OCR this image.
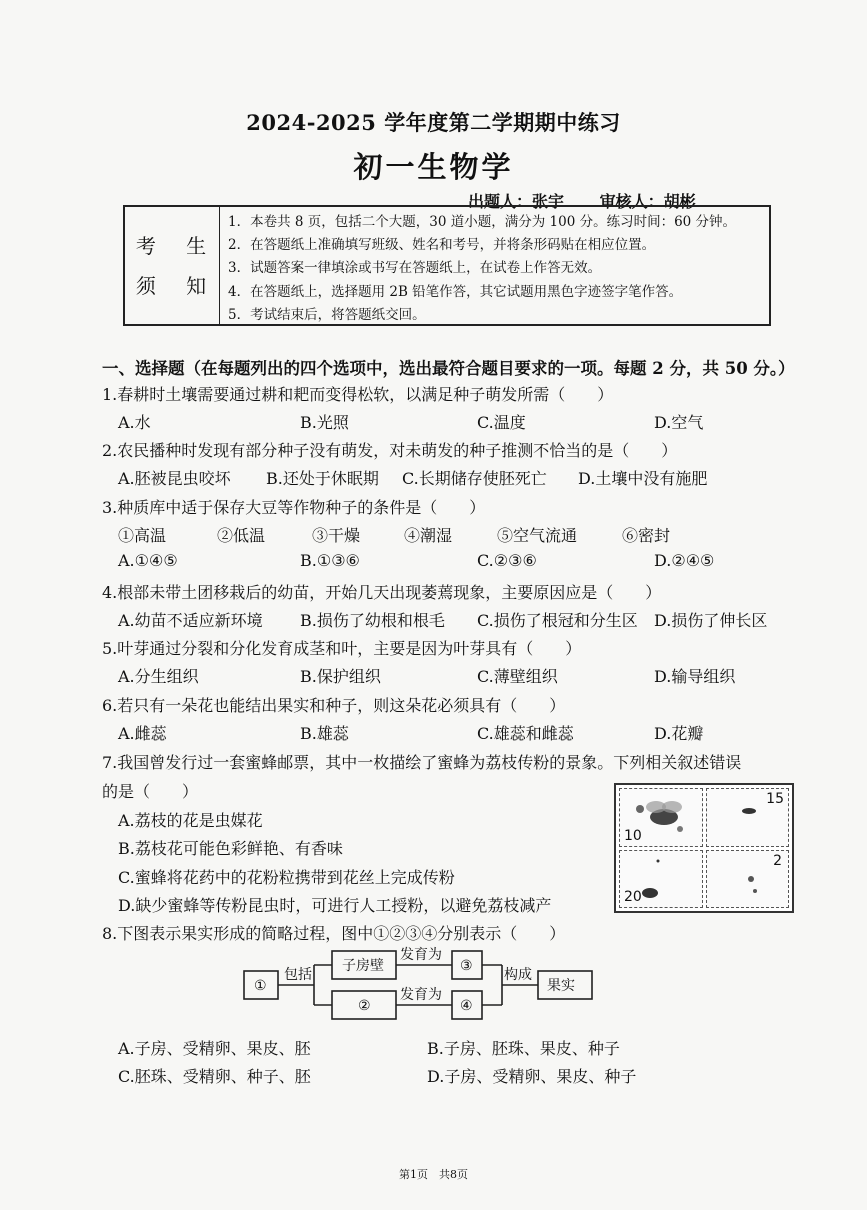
2024-2025 学年度第二学期期中练习
初一生物学
出题人：张宇 审核人：胡彬
考 生
须 知
1．本卷共 8 页，包括二个大题，30 道小题，满分为 100 分。练习时间：60 分钟。
2．在答题纸上准确填写班级、姓名和考号，并将条形码贴在相应位置。
3．试题答案一律填涂或书写在答题纸上，在试卷上作答无效。
4．在答题纸上，选择题用 2B 铅笔作答，其它试题用黑色字迹签字笔作答。
5．考试结束后，将答题纸交回。
一、选择题（在每题列出的四个选项中，选出最符合题目要求的一项。每题 2 分，共 50 分。）
1.春耕时土壤需要通过耕和耙而变得松软，以满足种子萌发所需（　　）
A.水	B.光照	C.温度	D.空气
2.农民播种时发现有部分种子没有萌发，对未萌发的种子推测不恰当的是（　　）
A.胚被昆虫咬坏 B.还处于休眠期 C.长期储存使胚死亡 D.土壤中没有施肥
3.种质库中适于保存大豆等作物种子的条件是（　　）
①高温	②低温	③干燥	④潮湿	⑤空气流通	⑥密封
A.①④⑤	B.①③⑥	C.②③⑥	D.②④⑤
4.根部未带土团移栽后的幼苗，开始几天出现萎蔫现象，主要原因应是（　　）
A.幼苗不适应新环境 B.损伤了幼根和根毛 C.损伤了根冠和分生区 D.损伤了伸长区
5.叶芽通过分裂和分化发育成茎和叶，主要是因为叶芽具有（　　）
A.分生组织	B.保护组织	C.薄壁组织	D.输导组织
6.若只有一朵花也能结出果实和种子，则这朵花必须具有（　　）
A.雌蕊	B.雄蕊	C.雄蕊和雌蕊	D.花瓣
7.我国曾发行过一套蜜蜂邮票，其中一枚描绘了蜜蜂为荔枝传粉的景象。下列相关叙述错误
的是（　　）
A.荔枝的花是虫媒花
B.荔枝花可能色彩鲜艳、有香味
C.蜜蜂将花药中的花粉粒携带到花丝上完成传粉
D.缺少蜜蜂等传粉昆虫时，可进行人工授粉，以避免荔枝减产
10
15
20
2
8.下图表示果实形成的简略过程，图中①②③④分别表示（　　）
①
包括
子房壁
②
发育为
发育为
③
④
构成
果实
A.子房、受精卵、果皮、胚	B.子房、胚珠、果皮、种子
C.胚珠、受精卵、种子、胚	D.子房、受精卵、果皮、种子
第1页　共8页
